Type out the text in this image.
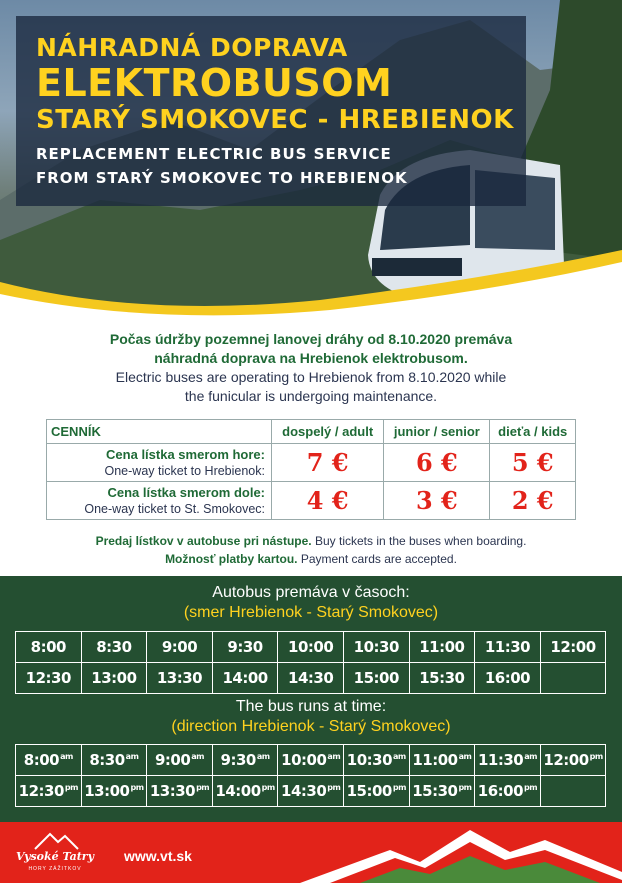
NÁHRADNÁ DOPRAVA
ELEKTROBUSOM
STARÝ SMOKOVEC - HREBIENOK
REPLACEMENT ELECTRIC BUS SERVICE
FROM STARÝ SMOKOVEC TO HREBIENOK
Počas údržby pozemnej lanovej dráhy od 8.10.2020 premáva
náhradná doprava na Hrebienok elektrobusom.
Electric buses are operating to Hrebienok from 8.10.2020 while
the funicular is undergoing maintenance.
CENNÍK	dospelý / adult	junior / senior	dieťa / kids

Cena lístka smerom hore:
One-way ticket to Hrebienok:	7 €	6 €	5 €

Cena lístka smerom dole:
One-way ticket to St. Smokovec:	4 €	3 €	2 €
Predaj lístkov v autobuse pri nástupe. Buy tickets in the buses when boarding.
Možnosť platby kartou. Payment cards are accepted.
Autobus premáva v časoch:
(smer Hrebienok - Starý Smokovec)
8:00 8:30 9:00 9:30 10:00 10:30 11:00 11:30 12:00
12:30 13:00 13:30 14:00 14:30 15:00 15:30 16:00
The bus runs at time:
(direction Hrebienok - Starý Smokovec)
$8:00^{am}$ $8:30^{am}$ $9:00^{am}$ $9:30^{am}$ $10:00^{am}$ $10:30^{am}$ $11:00^{am}$ $11:30^{am}$ $12:00^{pm}$
$12:30^{pm}$ $13:00^{pm}$ $13:30^{pm}$ $14:00^{pm}$ $14:30^{pm}$ $15:00^{pm}$ $15:30^{pm}$ $16:00^{pm}$
Vysoké Tatry
HORY ZÁŽITKOV
www.vt.sk
